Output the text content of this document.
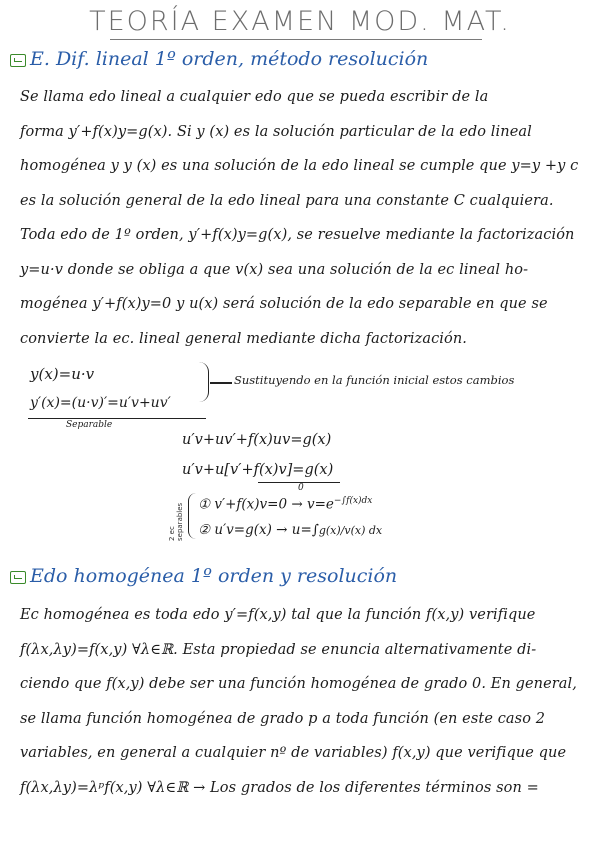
TEORÍA EXAMEN MOD. MAT.
E. Dif. lineal 1º orden, método resolución
Se llama edo lineal a cualquier edo que se pueda escribir de la
forma y′+f(x)y=g(x). Si y (x) es la solución particular de la edo lineal
homogénea y y (x) es una solución de la edo lineal se cumple que y=y +y c
es la solución general de la edo lineal para una constante C cualquiera.
Toda edo de 1º orden, y′+f(x)y=g(x), se resuelve mediante la factorización
y=u·v donde se obliga a que v(x) sea una solución de la ec lineal ho-
mogénea y′+f(x)y=0 y u(x) será solución de la edo separable en que se
convierte la ec. lineal general mediante dicha factorización.
y(x)=u·v
y′(x)=(u·v)′=u′v+uv′
Separable
Sustituyendo en la función inicial estos cambios
u′v+uv′+f(x)uv=g(x)
u′v+u[v′+f(x)v]=g(x)
0
2 ec separables ① $v'+f(x)v=0 \to v=e^{-\int f(x)dx}$
② u′v=g(x) → u=∫g(x)/v(x) dx
Edo homogénea 1º orden y resolución
Ec homogénea es toda edo y′=f(x,y) tal que la función f(x,y) verifique
f(λx,λy)=f(x,y) ∀λ∈ℝ. Esta propiedad se enuncia alternativamente di-
ciendo que f(x,y) debe ser una función homogénea de grado 0. En general,
se llama función homogénea de grado p a toda función (en este caso 2
variables, en general a cualquier nº de variables) f(x,y) que verifique que
f(λx,λy)=λᵖf(x,y) ∀λ∈ℝ → Los grados de los diferentes términos son =
